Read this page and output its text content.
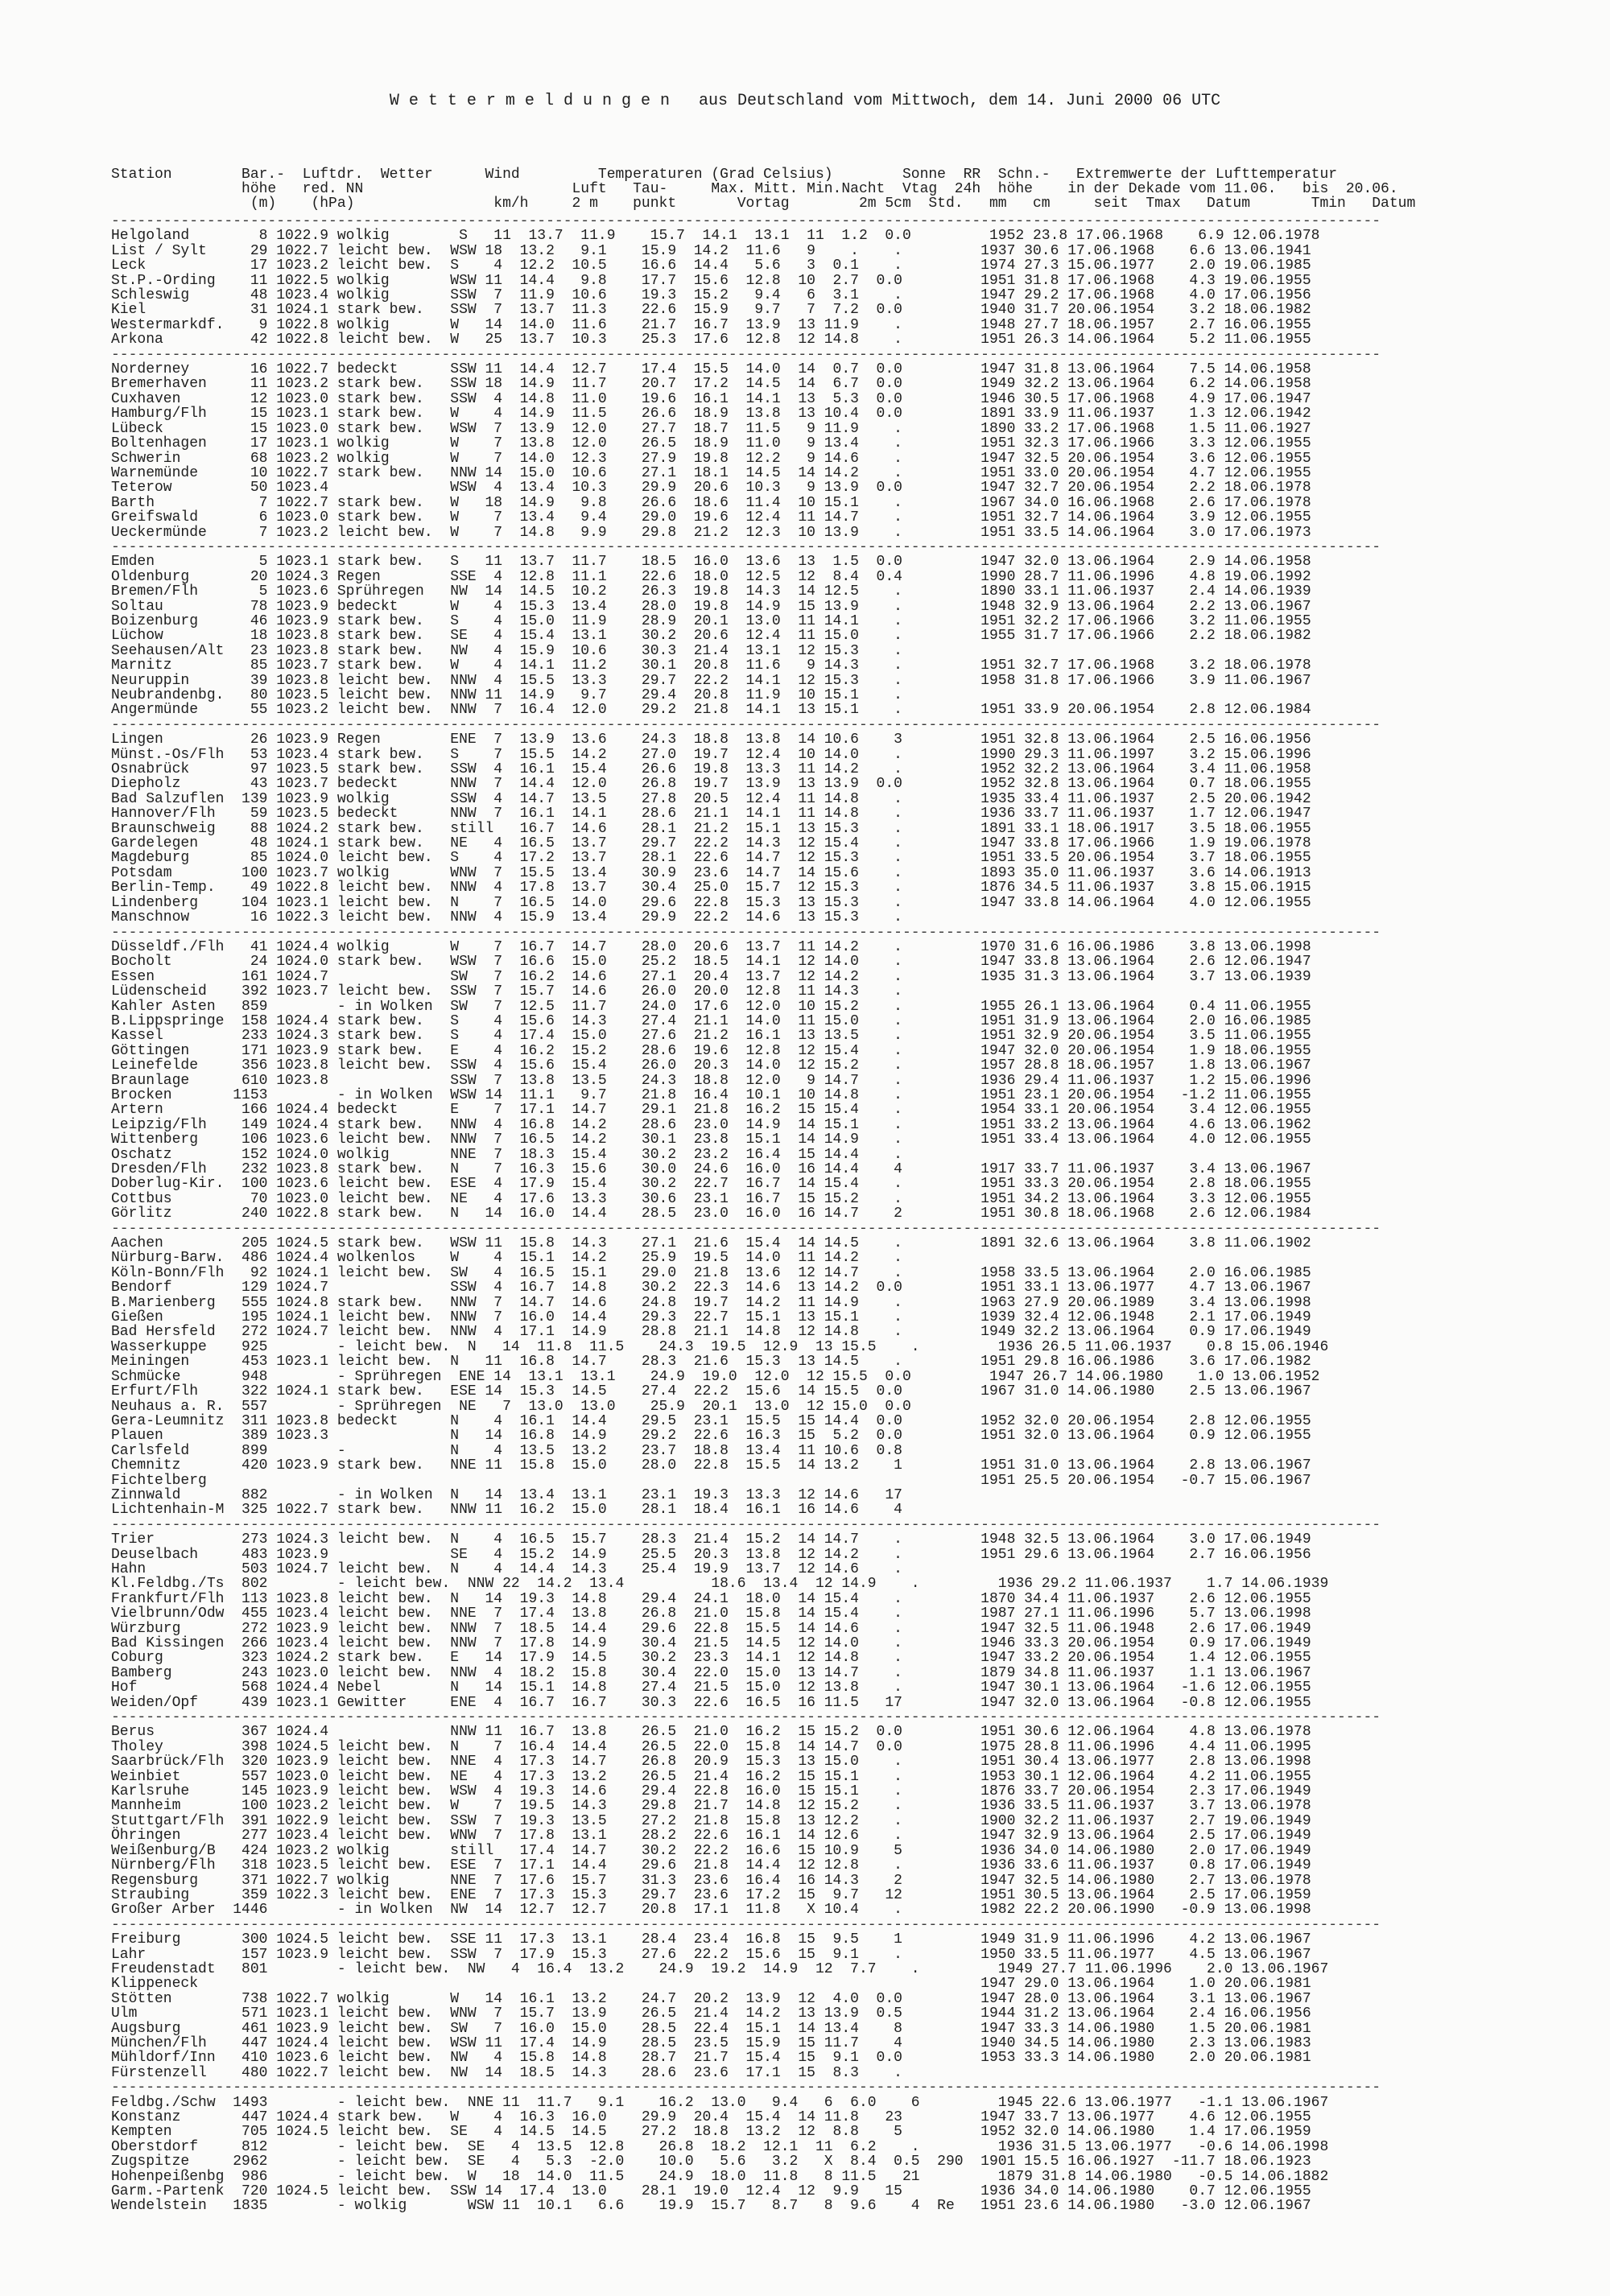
W e t t e r m e l d u n g e n   aus Deutschland vom Mittwoch, dem 14. Juni 2000 06 UTC
Station        Bar.-  Luftdr.  Wetter      Wind         Temperaturen (Grad Celsius)        Sonne  RR  Schn.-   Extremwerte der Lufttemperatur
höhe   red. NN                        Luft   Tau-     Max. Mitt. Min.Nacht  Vtag  24h  höhe    in der Dekade vom 11.06.   bis  20.06.
(m)    (hPa)                km/h     2 m    punkt       Vortag        2m 5cm  Std.   mm   cm     seit  Tmax   Datum       Tmin   Datum
--------------------------------------------------------------------------------------------------------------------------------------------------
Helgoland        8 1022.9 wolkig        S   11  13.7  11.9    15.7  14.1  13.1  11  1.2  0.0         1952 23.8 17.06.1968    6.9 12.06.1978
List / Sylt     29 1022.7 leicht bew.  WSW 18  13.2   9.1    15.9  14.2  11.6   9    .    .         1937 30.6 17.06.1968    6.6 13.06.1941
Leck            17 1023.2 leicht bew.  S    4  12.2  10.5    16.6  14.4   5.6   3  0.1    .         1974 27.3 15.06.1977    2.0 19.06.1985
St.P.-Ording    11 1022.5 wolkig       WSW 11  14.4   9.8    17.7  15.6  12.8  10  2.7  0.0         1951 31.8 17.06.1968    4.3 19.06.1955
Schleswig       48 1023.4 wolkig       SSW  7  11.9  10.6    19.3  15.2   9.4   6  3.1    .         1947 29.2 17.06.1968    4.0 17.06.1956
Kiel            31 1024.1 stark bew.   SSW  7  13.7  11.3    22.6  15.9   9.7   7  7.2  0.0         1940 31.7 20.06.1954    3.2 18.06.1982
Westermarkdf.    9 1022.8 wolkig       W   14  14.0  11.6    21.7  16.7  13.9  13 11.9    .         1948 27.7 18.06.1957    2.7 16.06.1955
Arkona          42 1022.8 leicht bew.  W   25  13.7  10.3    25.3  17.6  12.8  12 14.8    .         1951 26.3 14.06.1964    5.2 11.06.1955
--------------------------------------------------------------------------------------------------------------------------------------------------
Norderney       16 1022.7 bedeckt      SSW 11  14.4  12.7    17.4  15.5  14.0  14  0.7  0.0         1947 31.8 13.06.1964    7.5 14.06.1958
Bremerhaven     11 1023.2 stark bew.   SSW 18  14.9  11.7    20.7  17.2  14.5  14  6.7  0.0         1949 32.2 13.06.1964    6.2 14.06.1958
Cuxhaven        12 1023.0 stark bew.   SSW  4  14.8  11.0    19.6  16.1  14.1  13  5.3  0.0         1946 30.5 17.06.1968    4.9 17.06.1947
Hamburg/Flh     15 1023.1 stark bew.   W    4  14.9  11.5    26.6  18.9  13.8  13 10.4  0.0         1891 33.9 11.06.1937    1.3 12.06.1942
Lübeck          15 1023.0 stark bew.   WSW  7  13.9  12.0    27.7  18.7  11.5   9 11.9    .         1890 33.2 17.06.1968    1.5 11.06.1927
Boltenhagen     17 1023.1 wolkig       W    7  13.8  12.0    26.5  18.9  11.0   9 13.4    .         1951 32.3 17.06.1966    3.3 12.06.1955
Schwerin        68 1023.2 wolkig       W    7  14.0  12.3    27.9  19.8  12.2   9 14.6    .         1947 32.5 20.06.1954    3.6 12.06.1955
Warnemünde      10 1022.7 stark bew.   NNW 14  15.0  10.6    27.1  18.1  14.5  14 14.2    .         1951 33.0 20.06.1954    4.7 12.06.1955
Teterow         50 1023.4              WSW  4  13.4  10.3    29.9  20.6  10.3   9 13.9  0.0         1947 32.7 20.06.1954    2.2 18.06.1978
Barth            7 1022.7 stark bew.   W   18  14.9   9.8    26.6  18.6  11.4  10 15.1    .         1967 34.0 16.06.1968    2.6 17.06.1978
Greifswald       6 1023.0 stark bew.   W    7  13.4   9.4    29.0  19.6  12.4  11 14.7    .         1951 32.7 14.06.1964    3.9 12.06.1955
Ueckermünde      7 1023.2 leicht bew.  W    7  14.8   9.9    29.8  21.2  12.3  10 13.9    .         1951 33.5 14.06.1964    3.0 17.06.1973
--------------------------------------------------------------------------------------------------------------------------------------------------
Emden            5 1023.1 stark bew.   S   11  13.7  11.7    18.5  16.0  13.6  13  1.5  0.0         1947 32.0 13.06.1964    2.9 14.06.1958
Oldenburg       20 1024.3 Regen        SSE  4  12.8  11.1    22.6  18.0  12.5  12  8.4  0.4         1990 28.7 11.06.1996    4.8 19.06.1992
Bremen/Flh       5 1023.6 Sprühregen   NW  14  14.5  10.2    26.3  19.8  14.3  14 12.5    .         1890 33.1 11.06.1937    2.4 14.06.1939
Soltau          78 1023.9 bedeckt      W    4  15.3  13.4    28.0  19.8  14.9  15 13.9    .         1948 32.9 13.06.1964    2.2 13.06.1967
Boizenburg      46 1023.9 stark bew.   S    4  15.0  11.9    28.9  20.1  13.0  11 14.1    .         1951 32.2 17.06.1966    3.2 11.06.1955
Lüchow          18 1023.8 stark bew.   SE   4  15.4  13.1    30.2  20.6  12.4  11 15.0    .         1955 31.7 17.06.1966    2.2 18.06.1982
Seehausen/Alt   23 1023.8 stark bew.   NW   4  15.9  10.6    30.3  21.4  13.1  12 15.3    .
Marnitz         85 1023.7 stark bew.   W    4  14.1  11.2    30.1  20.8  11.6   9 14.3    .         1951 32.7 17.06.1968    3.2 18.06.1978
Neuruppin       39 1023.8 leicht bew.  NNW  4  15.5  13.3    29.7  22.2  14.1  12 15.3    .         1958 31.8 17.06.1966    3.9 11.06.1967
Neubrandenbg.   80 1023.5 leicht bew.  NNW 11  14.9   9.7    29.4  20.8  11.9  10 15.1    .
Angermünde      55 1023.2 leicht bew.  NNW  7  16.4  12.0    29.2  21.8  14.1  13 15.1    .         1951 33.9 20.06.1954    2.8 12.06.1984
--------------------------------------------------------------------------------------------------------------------------------------------------
Lingen          26 1023.9 Regen        ENE  7  13.9  13.6    24.3  18.8  13.8  14 10.6    3         1951 32.8 13.06.1964    2.5 16.06.1956
Münst.-Os/Flh   53 1023.4 stark bew.   S    7  15.5  14.2    27.0  19.7  12.4  10 14.0    .         1990 29.3 11.06.1997    3.2 15.06.1996
Osnabrück       97 1023.5 stark bew.   SSW  4  16.1  15.4    26.6  19.8  13.3  11 14.2    .         1952 32.2 13.06.1964    3.4 11.06.1958
Diepholz        43 1023.7 bedeckt      NNW  7  14.4  12.0    26.8  19.7  13.9  13 13.9  0.0         1952 32.8 13.06.1964    0.7 18.06.1955
Bad Salzuflen  139 1023.9 wolkig       SSW  4  14.7  13.5    27.8  20.5  12.4  11 14.8    .         1935 33.4 11.06.1937    2.5 20.06.1942
Hannover/Flh    59 1023.5 bedeckt      NNW  7  16.1  14.1    28.6  21.1  14.1  11 14.8    .         1936 33.7 11.06.1937    1.7 12.06.1947
Braunschweig    88 1024.2 stark bew.   still   16.7  14.6    28.1  21.2  15.1  13 15.3    .         1891 33.1 18.06.1917    3.5 18.06.1955
Gardelegen      48 1024.1 stark bew.   NE   4  16.5  13.7    29.7  22.2  14.3  12 15.4    .         1947 33.8 17.06.1966    1.9 19.06.1978
Magdeburg       85 1024.0 leicht bew.  S    4  17.2  13.7    28.1  22.6  14.7  12 15.3    .         1951 33.5 20.06.1954    3.7 18.06.1955
Potsdam        100 1023.7 wolkig       WNW  7  15.5  13.4    30.9  23.6  14.7  14 15.6    .         1893 35.0 11.06.1937    3.6 14.06.1913
Berlin-Temp.    49 1022.8 leicht bew.  NNW  4  17.8  13.7    30.4  25.0  15.7  12 15.3    .         1876 34.5 11.06.1937    3.8 15.06.1915
Lindenberg     104 1023.1 leicht bew.  N    7  16.5  14.0    29.6  22.8  15.3  13 15.3    .         1947 33.8 14.06.1964    4.0 12.06.1955
Manschnow       16 1022.3 leicht bew.  NNW  4  15.9  13.4    29.9  22.2  14.6  13 15.3    .
--------------------------------------------------------------------------------------------------------------------------------------------------
Düsseldf./Flh   41 1024.4 wolkig       W    7  16.7  14.7    28.0  20.6  13.7  11 14.2    .         1970 31.6 16.06.1986    3.8 13.06.1998
Bocholt         24 1024.0 stark bew.   WSW  7  16.6  15.0    25.2  18.5  14.1  12 14.0    .         1947 33.8 13.06.1964    2.6 12.06.1947
Essen          161 1024.7              SW   7  16.2  14.6    27.1  20.4  13.7  12 14.2    .         1935 31.3 13.06.1964    3.7 13.06.1939
Lüdenscheid    392 1023.7 leicht bew.  SSW  7  15.7  14.6    26.0  20.0  12.8  11 14.3    .
Kahler Asten   859        - in Wolken  SW   7  12.5  11.7    24.0  17.6  12.0  10 15.2    .         1955 26.1 13.06.1964    0.4 11.06.1955
B.Lippspringe  158 1024.4 stark bew.   S    4  15.6  14.3    27.4  21.1  14.0  11 15.0    .         1951 31.9 13.06.1964    2.0 16.06.1985
Kassel         233 1024.3 stark bew.   S    4  17.4  15.0    27.6  21.2  16.1  13 13.5    .         1951 32.9 20.06.1954    3.5 11.06.1955
Göttingen      171 1023.9 stark bew.   E    4  16.2  15.2    28.6  19.6  12.8  12 15.4    .         1947 32.0 20.06.1954    1.9 18.06.1955
Leinefelde     356 1023.8 leicht bew.  SSW  4  15.6  15.4    26.0  20.3  14.0  12 15.2    .         1957 28.8 18.06.1957    1.8 13.06.1967
Braunlage      610 1023.8              SSW  7  13.8  13.5    24.3  18.8  12.0   9 14.7    .         1936 29.4 11.06.1937    1.2 15.06.1996
Brocken       1153        - in Wolken  WSW 14  11.1   9.7    21.8  16.4  10.1  10 14.8    .         1951 23.1 20.06.1954   -1.2 11.06.1955
Artern         166 1024.4 bedeckt      E    7  17.1  14.7    29.1  21.8  16.2  15 15.4    .         1954 33.1 20.06.1954    3.4 12.06.1955
Leipzig/Flh    149 1024.4 stark bew.   NNW  4  16.8  14.2    28.6  23.0  14.9  14 15.1    .         1951 33.2 13.06.1964    4.6 13.06.1962
Wittenberg     106 1023.6 leicht bew.  NNW  7  16.5  14.2    30.1  23.8  15.1  14 14.9    .         1951 33.4 13.06.1964    4.0 12.06.1955
Oschatz        152 1024.0 wolkig       NNE  7  18.3  15.4    30.2  23.2  16.4  15 14.4    .
Dresden/Flh    232 1023.8 stark bew.   N    7  16.3  15.6    30.0  24.6  16.0  16 14.4    4         1917 33.7 11.06.1937    3.4 13.06.1967
Doberlug-Kir.  100 1023.6 leicht bew.  ESE  4  17.9  15.4    30.2  22.7  16.7  14 15.4    .         1951 33.3 20.06.1954    2.8 18.06.1955
Cottbus         70 1023.0 leicht bew.  NE   4  17.6  13.3    30.6  23.1  16.7  15 15.2    .         1951 34.2 13.06.1964    3.3 12.06.1955
Görlitz        240 1022.8 stark bew.   N   14  16.0  14.4    28.5  23.0  16.0  16 14.7    2         1951 30.8 18.06.1968    2.6 12.06.1984
--------------------------------------------------------------------------------------------------------------------------------------------------
Aachen         205 1024.5 stark bew.   WSW 11  15.8  14.3    27.1  21.6  15.4  14 14.5    .         1891 32.6 13.06.1964    3.8 11.06.1902
Nürburg-Barw.  486 1024.4 wolkenlos    W    4  15.1  14.2    25.9  19.5  14.0  11 14.2    .
Köln-Bonn/Flh   92 1024.1 leicht bew.  SW   4  16.5  15.1    29.0  21.8  13.6  12 14.7    .         1958 33.5 13.06.1964    2.0 16.06.1985
Bendorf        129 1024.7              SSW  4  16.7  14.8    30.2  22.3  14.6  13 14.2  0.0         1951 33.1 13.06.1977    4.7 13.06.1967
B.Marienberg   555 1024.8 stark bew.   NNW  7  14.7  14.6    24.8  19.7  14.2  11 14.9    .         1963 27.9 20.06.1989    3.4 13.06.1998
Gießen         195 1024.1 leicht bew.  NNW  7  16.0  14.4    29.3  22.7  15.1  13 15.1    .         1939 32.4 12.06.1948    2.1 17.06.1949
Bad Hersfeld   272 1024.7 leicht bew.  NNW  4  17.1  14.9    28.8  21.1  14.8  12 14.8    .         1949 32.2 13.06.1964    0.9 17.06.1949
Wasserkuppe    925        - leicht bew.  N   14  11.8  11.5    24.3  19.5  12.9  13 15.5    .         1936 26.5 11.06.1937    0.8 15.06.1946
Meiningen      453 1023.1 leicht bew.  N   11  16.8  14.7    28.3  21.6  15.3  13 14.5    .         1951 29.8 16.06.1986    3.6 17.06.1982
Schmücke       948        - Sprühregen  ENE 14  13.1  13.1    24.9  19.0  12.0  12 15.5  0.0         1947 26.7 14.06.1980    1.0 13.06.1952
Erfurt/Flh     322 1024.1 stark bew.   ESE 14  15.3  14.5    27.4  22.2  15.6  14 15.5  0.0         1967 31.0 14.06.1980    2.5 13.06.1967
Neuhaus a. R.  557        - Sprühregen  NE   7  13.0  13.0    25.9  20.1  13.0  12 15.0  0.0
Gera-Leumnitz  311 1023.8 bedeckt      N    4  16.1  14.4    29.5  23.1  15.5  15 14.4  0.0         1952 32.0 20.06.1954    2.8 12.06.1955
Plauen         389 1023.3              N   14  16.8  14.9    29.2  22.6  16.3  15  5.2  0.0         1951 32.0 13.06.1964    0.9 12.06.1955
Carlsfeld      899        -            N    4  13.5  13.2    23.7  18.8  13.4  11 10.6  0.8
Chemnitz       420 1023.9 stark bew.   NNE 11  15.8  15.0    28.0  22.8  15.5  14 13.2    1         1951 31.0 13.06.1964    2.8 13.06.1967
Fichtelberg                                                                                         1951 25.5 20.06.1954   -0.7 15.06.1967
Zinnwald       882        - in Wolken  N   14  13.4  13.1    23.1  19.3  13.3  12 14.6   17
Lichtenhain-M  325 1022.7 stark bew.   NNW 11  16.2  15.0    28.1  18.4  16.1  16 14.6    4
--------------------------------------------------------------------------------------------------------------------------------------------------
Trier          273 1024.3 leicht bew.  N    4  16.5  15.7    28.3  21.4  15.2  14 14.7    .         1948 32.5 13.06.1964    3.0 17.06.1949
Deuselbach     483 1023.9              SE   4  15.2  14.9    25.5  20.3  13.8  12 14.2    .         1951 29.6 13.06.1964    2.7 16.06.1956
Hahn           503 1024.7 leicht bew.  N    4  14.4  14.3    25.4  19.9  13.7  12 14.6    .
Kl.Feldbg./Ts  802        - leicht bew.  NNW 22  14.2  13.4          18.6  13.4  12 14.9    .         1936 29.2 11.06.1937    1.7 14.06.1939
Frankfurt/Flh  113 1023.8 leicht bew.  N   14  19.3  14.8    29.4  24.1  18.0  14 15.4    .         1870 34.4 11.06.1937    2.6 12.06.1955
Vielbrunn/Odw  455 1023.4 leicht bew.  NNE  7  17.4  13.8    26.8  21.0  15.8  14 15.4    .         1987 27.1 11.06.1996    5.7 13.06.1998
Würzburg       272 1023.9 leicht bew.  NNW  7  18.5  14.4    29.6  22.8  15.5  14 14.6    .         1947 32.5 11.06.1948    2.6 17.06.1949
Bad Kissingen  266 1023.4 leicht bew.  NNW  7  17.8  14.9    30.4  21.5  14.5  12 14.0    .         1946 33.3 20.06.1954    0.9 17.06.1949
Coburg         323 1024.2 stark bew.   E   14  17.9  14.5    30.2  23.3  14.1  12 14.8    .         1947 33.2 20.06.1954    1.4 12.06.1955
Bamberg        243 1023.0 leicht bew.  NNW  4  18.2  15.8    30.4  22.0  15.0  13 14.7    .         1879 34.8 11.06.1937    1.1 13.06.1967
Hof            568 1024.4 Nebel        N   14  15.1  14.8    27.4  21.5  15.0  12 13.8    .         1947 30.1 13.06.1964   -1.6 12.06.1955
Weiden/Opf     439 1023.1 Gewitter     ENE  4  16.7  16.7    30.3  22.6  16.5  16 11.5   17         1947 32.0 13.06.1964   -0.8 12.06.1955
--------------------------------------------------------------------------------------------------------------------------------------------------
Berus          367 1024.4              NNW 11  16.7  13.8    26.5  21.0  16.2  15 15.2  0.0         1951 30.6 12.06.1964    4.8 13.06.1978
Tholey         398 1024.5 leicht bew.  N    7  16.4  14.4    26.5  22.0  15.8  14 14.7  0.0         1975 28.8 11.06.1996    4.4 11.06.1995
Saarbrück/Flh  320 1023.9 leicht bew.  NNE  4  17.3  14.7    26.8  20.9  15.3  13 15.0    .         1951 30.4 13.06.1977    2.8 13.06.1998
Weinbiet       557 1023.0 leicht bew.  NE   4  17.3  13.2    26.5  21.4  16.2  15 15.1    .         1953 30.1 12.06.1964    4.2 11.06.1955
Karlsruhe      145 1023.9 leicht bew.  WSW  4  19.3  14.6    29.4  22.8  16.0  15 15.1    .         1876 33.7 20.06.1954    2.3 17.06.1949
Mannheim       100 1023.2 leicht bew.  W    7  19.5  14.3    29.8  21.7  14.8  12 15.2    .         1936 33.5 11.06.1937    3.7 13.06.1978
Stuttgart/Flh  391 1022.9 leicht bew.  SSW  7  19.3  13.5    27.2  21.8  15.8  13 12.2    .         1900 32.2 11.06.1937    2.7 19.06.1949
Öhringen       277 1023.4 leicht bew.  WNW  7  17.8  13.1    28.2  22.6  16.1  14 12.6    .         1947 32.9 13.06.1964    2.5 17.06.1949
Weißenburg/B   424 1023.2 wolkig       still   17.4  14.7    30.2  22.2  16.6  15 10.9    5         1936 34.0 14.06.1980    2.0 17.06.1949
Nürnberg/Flh   318 1023.5 leicht bew.  ESE  7  17.1  14.4    29.6  21.8  14.4  12 12.8    .         1936 33.6 11.06.1937    0.8 17.06.1949
Regensburg     371 1022.7 wolkig       NNE  7  17.6  15.7    31.3  23.6  16.4  16 14.3    2         1947 32.5 14.06.1980    2.7 13.06.1978
Straubing      359 1022.3 leicht bew.  ENE  7  17.3  15.3    29.7  23.6  17.2  15  9.7   12         1951 30.5 13.06.1964    2.5 17.06.1959
Großer Arber  1446        - in Wolken  NW  14  12.7  12.7    20.8  17.1  11.8   X 10.4    .         1982 22.2 20.06.1990   -0.9 13.06.1998
--------------------------------------------------------------------------------------------------------------------------------------------------
Freiburg       300 1024.5 leicht bew.  SSE 11  17.3  13.1    28.4  23.4  16.8  15  9.5    1         1949 31.9 11.06.1996    4.2 13.06.1967
Lahr           157 1023.9 leicht bew.  SSW  7  17.9  15.3    27.6  22.2  15.6  15  9.1    .         1950 33.5 11.06.1977    4.5 13.06.1967
Freudenstadt   801        - leicht bew.  NW   4  16.4  13.2    24.9  19.2  14.9  12  7.7    .         1949 27.7 11.06.1996    2.0 13.06.1967
Klippeneck                                                                                          1947 29.0 13.06.1964    1.0 20.06.1981
Stötten        738 1022.7 wolkig       W   14  16.1  13.2    24.7  20.2  13.9  12  4.0  0.0         1947 28.0 13.06.1964    3.1 13.06.1967
Ulm            571 1023.1 leicht bew.  WNW  7  15.7  13.9    26.5  21.4  14.2  13 13.9  0.5         1944 31.2 13.06.1964    2.4 16.06.1956
Augsburg       461 1023.9 leicht bew.  SW   7  16.0  15.0    28.5  22.4  15.1  14 13.4    8         1947 33.3 14.06.1980    1.5 20.06.1981
München/Flh    447 1024.4 leicht bew.  WSW 11  17.4  14.9    28.5  23.5  15.9  15 11.7    4         1940 34.5 14.06.1980    2.3 13.06.1983
Mühldorf/Inn   410 1023.6 leicht bew.  NW   4  15.8  14.8    28.7  21.7  15.4  15  9.1  0.0         1953 33.3 14.06.1980    2.0 20.06.1981
Fürstenzell    480 1022.7 leicht bew.  NW  14  18.5  14.3    28.6  23.6  17.1  15  8.3    .
--------------------------------------------------------------------------------------------------------------------------------------------------
Feldbg./Schw  1493        - leicht bew.  NNE 11  11.7   9.1    16.2  13.0   9.4   6  6.0    6         1945 22.6 13.06.1977   -1.1 13.06.1967
Konstanz       447 1024.4 stark bew.   W    4  16.3  16.0    29.9  20.4  15.4  14 11.8   23         1947 33.7 13.06.1977    4.6 12.06.1955
Kempten        705 1024.5 leicht bew.  SE   4  14.5  14.5    27.2  18.8  13.2  12  8.8    5         1952 32.0 14.06.1980    1.4 17.06.1959
Oberstdorf     812        - leicht bew.  SE   4  13.5  12.8    26.8  18.2  12.1  11  6.2    .         1936 31.5 13.06.1977   -0.6 14.06.1998
Zugspitze     2962        - leicht bew.  SE   4   5.3  -2.0    10.0   5.6   3.2   X  8.4  0.5  290  1901 15.5 16.06.1927  -11.7 18.06.1923
Hohenpeißenbg  986        - leicht bew.  W   18  14.0  11.5    24.9  18.0  11.8   8 11.5   21         1879 31.8 14.06.1980   -0.5 14.06.1882
Garm.-Partenk  720 1024.5 leicht bew.  SSW 14  17.4  13.0    28.1  19.0  12.4  12  9.9   15         1936 34.0 14.06.1980    0.7 12.06.1955
Wendelstein   1835        - wolkig       WSW 11  10.1   6.6    19.9  15.7   8.7   8  9.6    4  Re   1951 23.6 14.06.1980   -3.0 12.06.1967
